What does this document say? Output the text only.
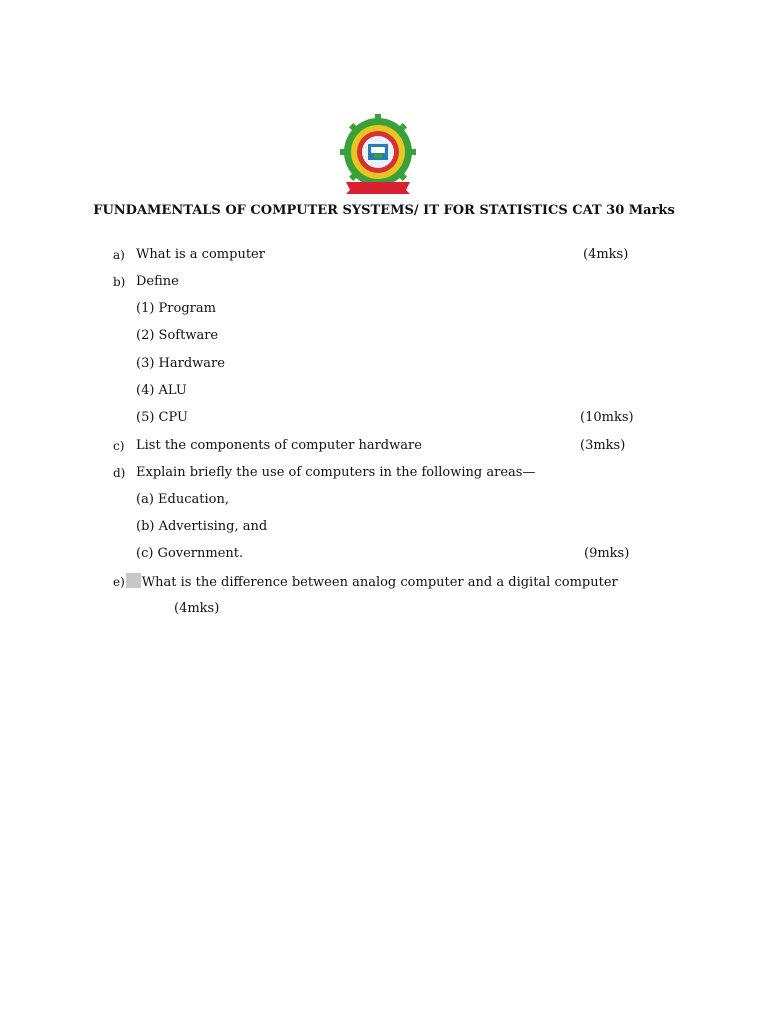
FUNDAMENTALS OF COMPUTER SYSTEMS/ IT FOR STATISTICS CAT 30 Marks
a) What is a computer	(4mks)
b) Define
(1) Program
(2) Software
(3) Hardware
(4) ALU
(5) CPU	(10mks)
c) List the components of computer hardware	(3mks)
d) Explain briefly the use of computers in the following areas—
(a) Education,
(b) Advertising, and
(c) Government.	(9mks)
e) What is the difference between analog computer and a digital computer
(4mks)
